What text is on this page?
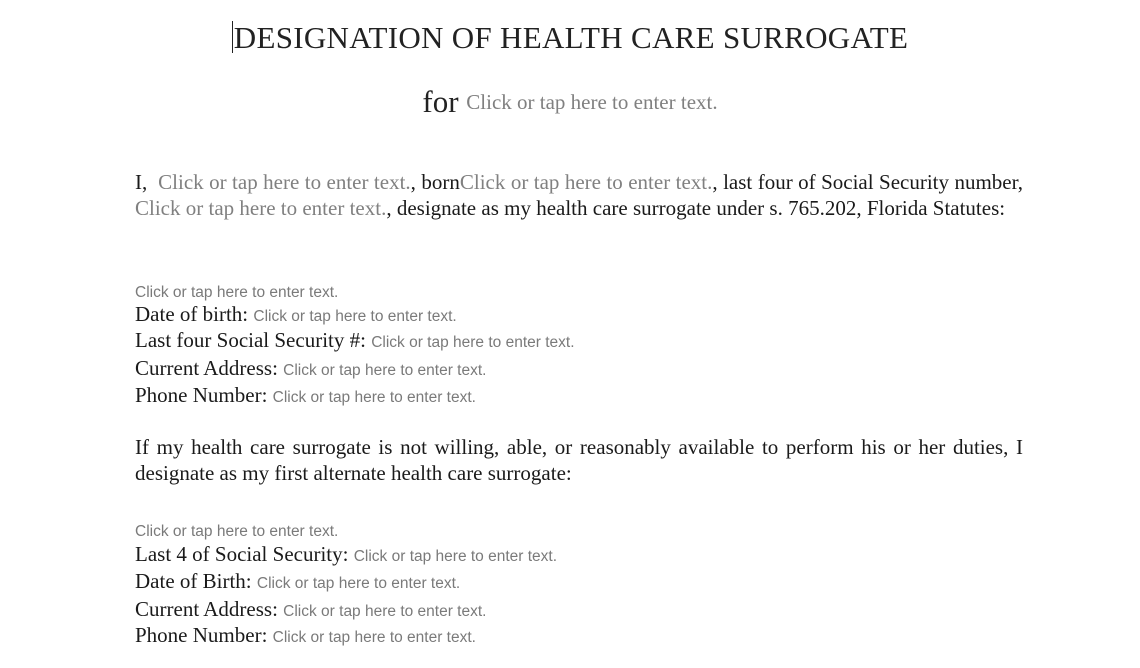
DESIGNATION OF HEALTH CARE SURROGATE
for Click or tap here to enter text.
I, Click or tap here to enter text., bornClick or tap here to enter text., last four of Social Security number, Click or tap here to enter text., designate as my health care surrogate under s. 765.202, Florida Statutes:
Click or tap here to enter text.
Date of birth: Click or tap here to enter text.
Last four Social Security #: Click or tap here to enter text.
Current Address: Click or tap here to enter text.
Phone Number: Click or tap here to enter text.
If my health care surrogate is not willing, able, or reasonably available to perform his or her duties, I designate as my first alternate health care surrogate:
Click or tap here to enter text.
Last 4 of Social Security: Click or tap here to enter text.
Date of Birth: Click or tap here to enter text.
Current Address: Click or tap here to enter text.
Phone Number: Click or tap here to enter text.
